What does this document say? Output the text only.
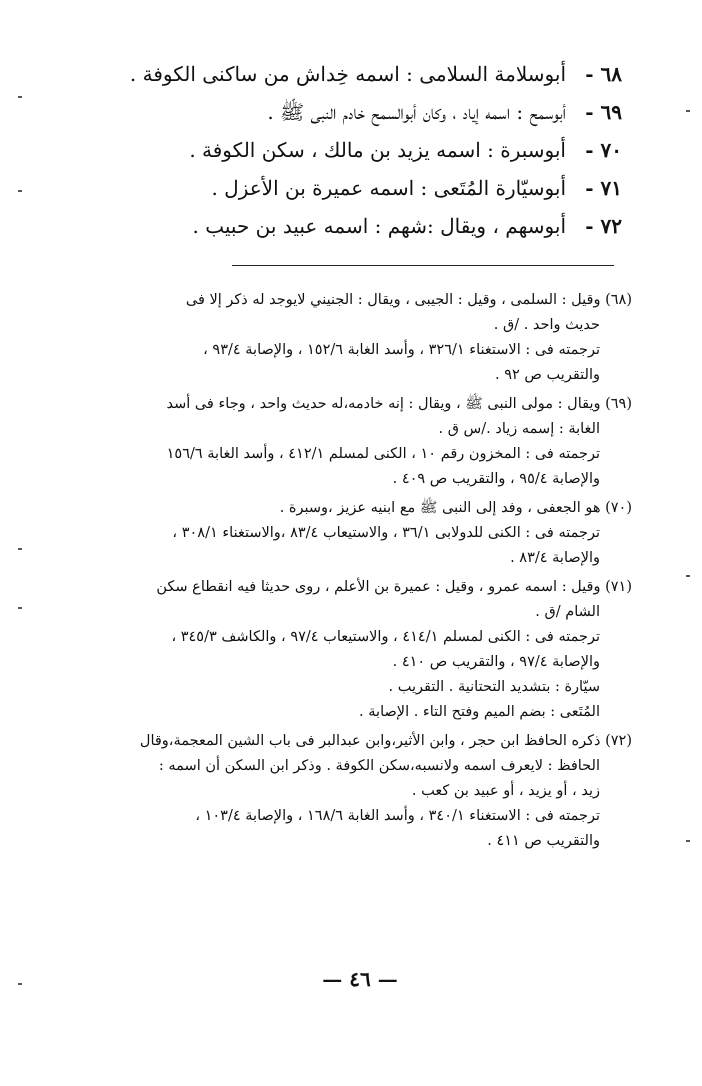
٦٨ -
أبوسلامة السلامى : اسمه خِداش من ساكنى الكوفة .
٦٩ -
أبوسمح : اسمه إياد ، وكان أبوالسمح خادم النبى ﷺ .
٧٠ -
أبوسبرة : اسمه يزيد بن مالك ، سكن الكوفة .
٧١ -
أبوسيّارة المُتَعى : اسمه عميرة بن الأعزل .
٧٢ -
أبوسهم ، ويقال :شهم : اسمه عبيد بن حبيب .

(٦٨) وقيل : السلمى ، وقيل : الجيبى ، ويقال : الجنيني لايوجد له ذكر إلا فى
حديث واحد . /ق .

ترجمته فى : الاستغناء ٣٢٦/١ ، وأسد الغابة ١٥٢/٦ ، والإصابة ٩٣/٤ ،
والتقريب ص ٩٢ .

(٦٩) ويقال : مولى النبى ﷺ ، ويقال : إنه خادمه،له حديث واحد ، وجاء فى أسد
الغابة : إسمه زياد ./س ق .

ترجمته فى : المخزون رقم ١٠ ، الكنى لمسلم ٤١٢/١ ، وأسد الغابة ١٥٦/٦
والإصابة ٩٥/٤ ، والتقريب ص ٤٠٩ .

(٧٠) هو الجعفى ، وفد إلى النبى ﷺ مع ابنيه عزيز ،وسبرة .

ترجمته فى : الكنى للدولابى ٣٦/١ ، والاستيعاب ٨٣/٤ ،والاستغناء ٣٠٨/١ ،
والإصابة ٨٣/٤ .

(٧١) وقيل : اسمه عمرو ، وقيل : عميرة بن الأعلم ، روى حديثا فيه انقطاع سكن
الشام /ق .

ترجمته فى : الكنى لمسلم ٤١٤/١ ، والاستيعاب ٩٧/٤ ، والكاشف ٣٤٥/٣ ،
والإصابة ٩٧/٤ ، والتقريب ص ٤١٠ .
سيّارة : بتشديد التحتانية . التقريب .
المُتَعى : بضم الميم وفتح التاء . الإصابة .

(٧٢) ذكره الحافظ ابن حجر ، وابن الأثير،وابن عبدالبر فى باب الشين المعجمة،وقال
الحافظ : لايعرف اسمه ولانسبه،سكن الكوفة . وذكر ابن السكن أن اسمه :
زيد ، أو يزيد ، أو عبيد بن كعب .

ترجمته فى : الاستغناء ٣٤٠/١ ، وأسد الغابة ١٦٨/٦ ، والإصابة ١٠٣/٤ ،
والتقريب ص ٤١١ .

— ٤٦ —
